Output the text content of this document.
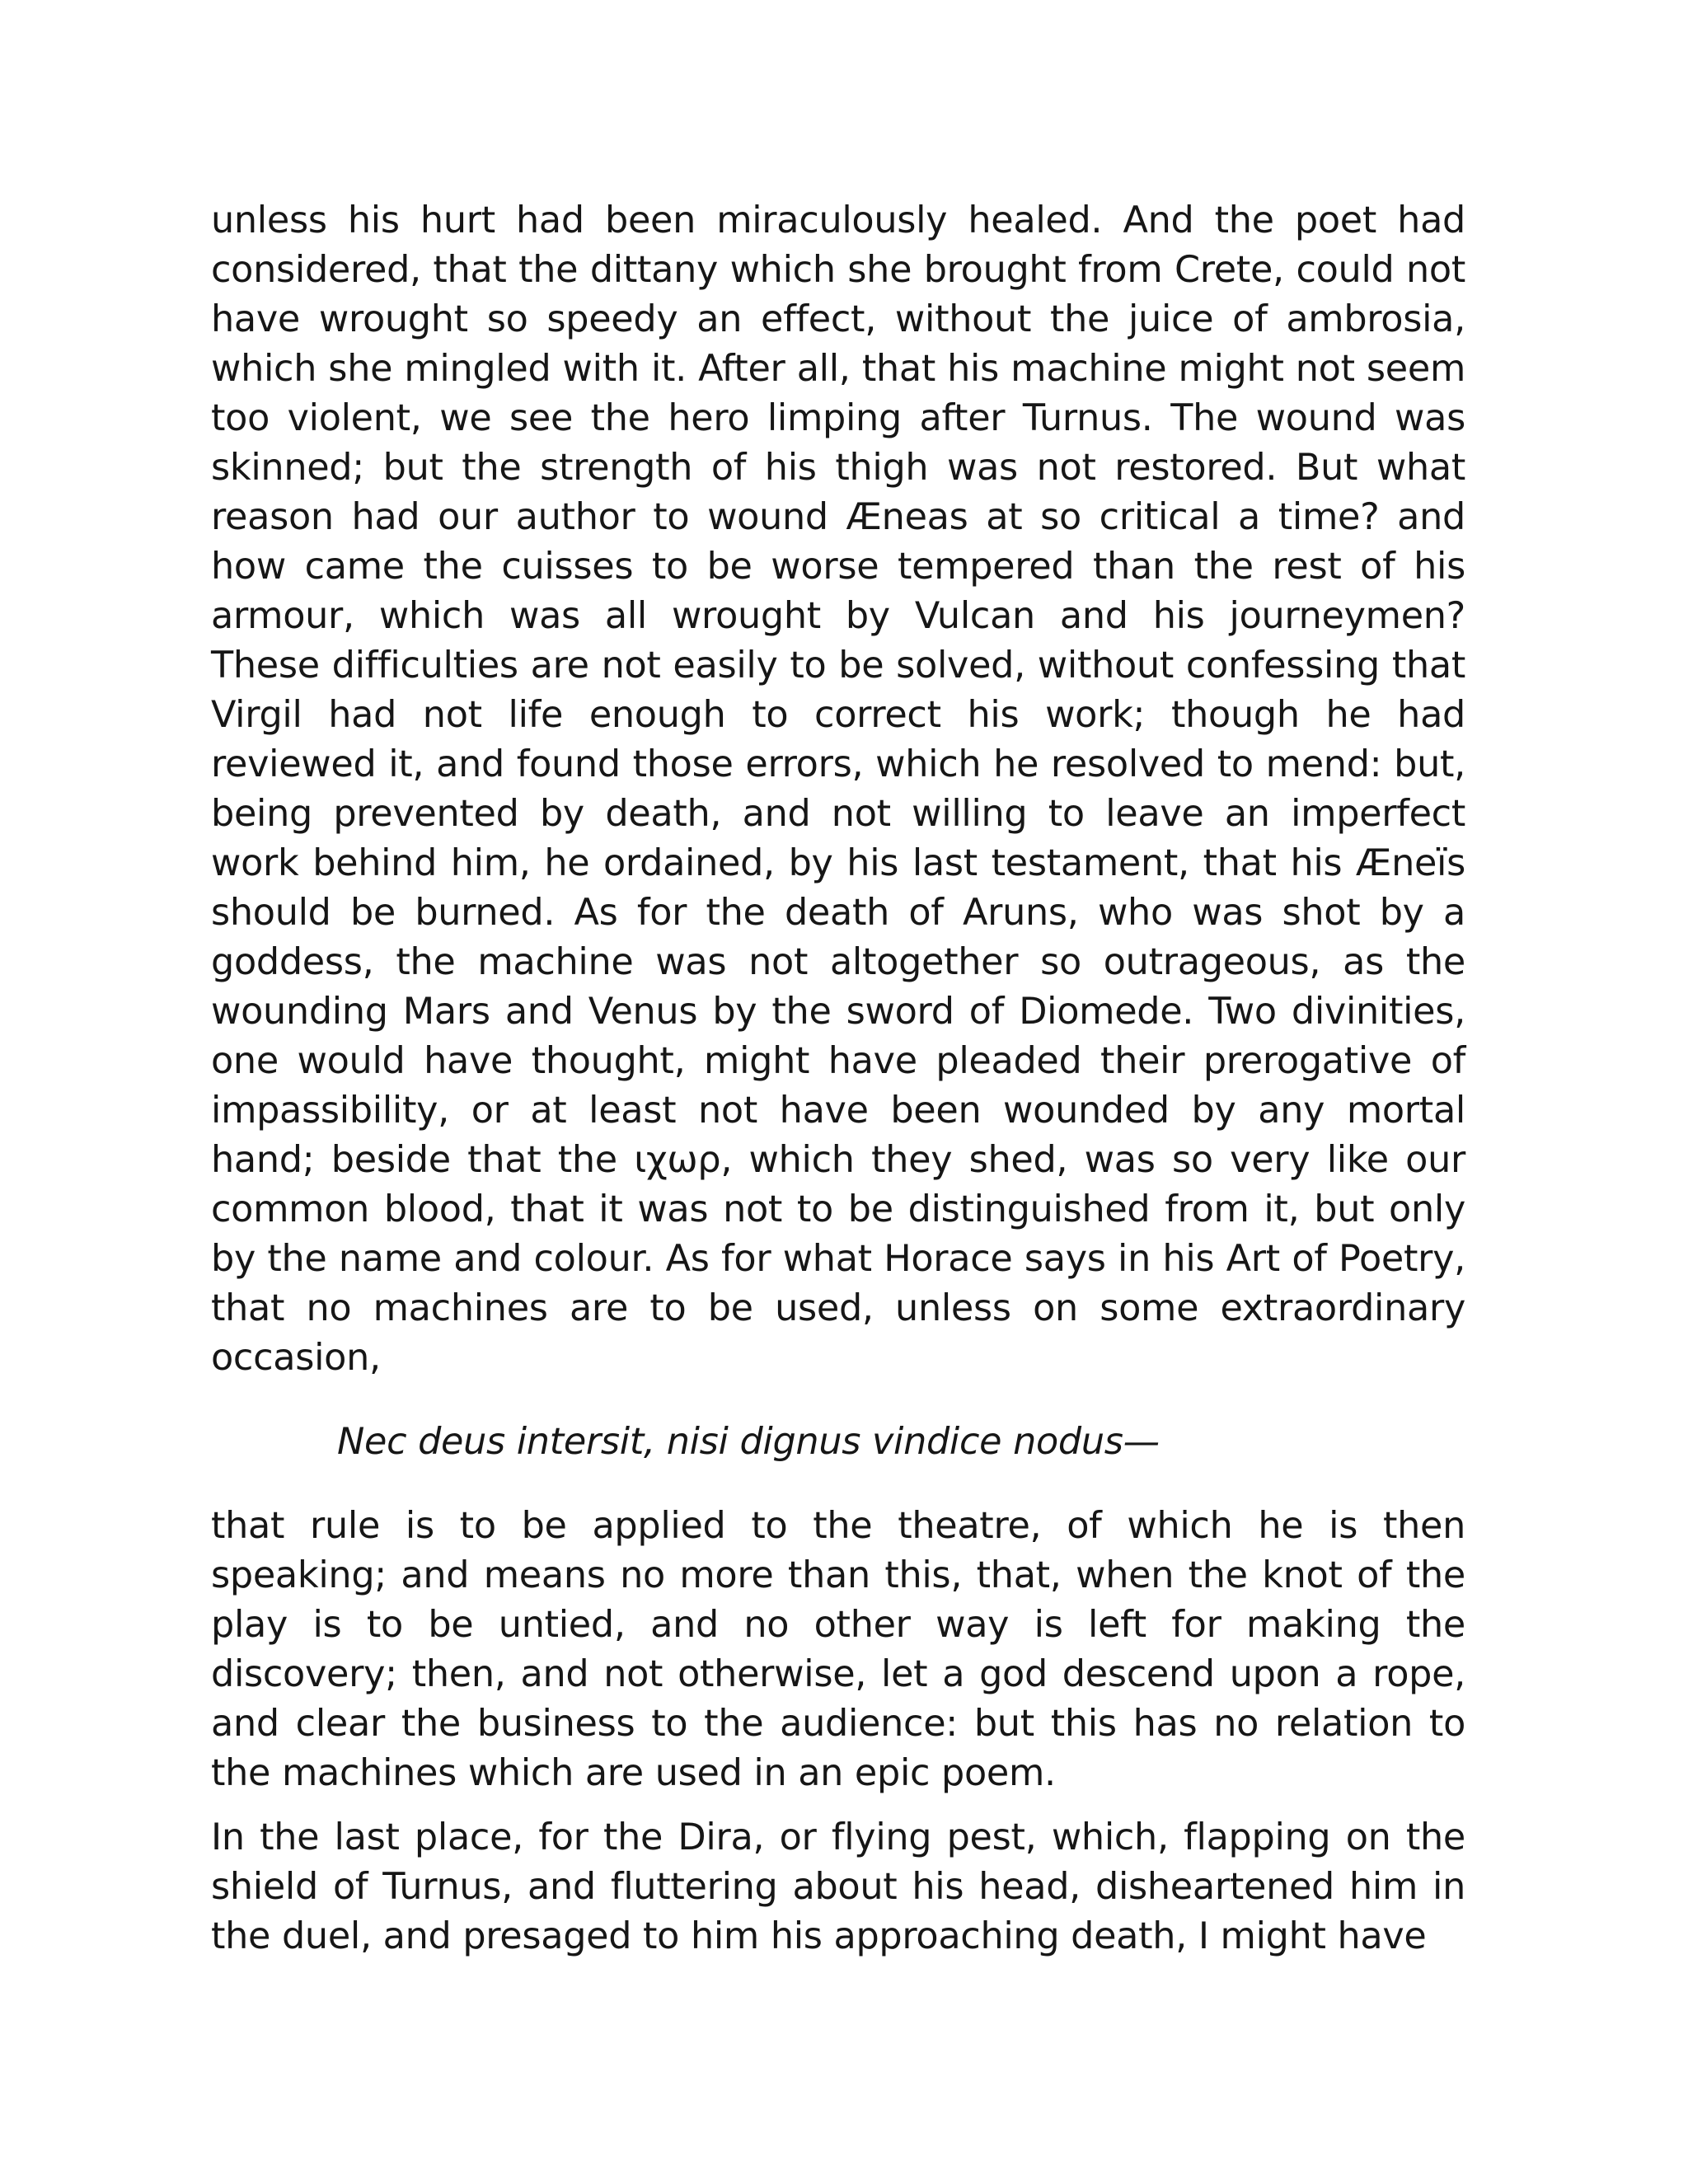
unless his hurt had been miraculously healed. And the poet had considered, that the dittany which she brought from Crete, could not have wrought so speedy an effect, without the juice of ambrosia, which she mingled with it. After all, that his machine might not seem too violent, we see the hero limping after Turnus. The wound was skinned; but the strength of his thigh was not restored. But what reason had our author to wound Æneas at so critical a time? and how came the cuisses to be worse tempered than the rest of his armour, which was all wrought by Vulcan and his journeymen? These difficulties are not easily to be solved, without confessing that Virgil had not life enough to correct his work; though he had reviewed it, and found those errors, which he resolved to mend: but, being prevented by death, and not willing to leave an imperfect work behind him, he ordained, by his last testament, that his Æneïs should be burned. As for the death of Aruns, who was shot by a goddess, the machine was not altogether so outrageous, as the wounding Mars and Venus by the sword of Diomede. Two divinities, one would have thought, might have pleaded their prerogative of impassibility, or at least not have been wounded by any mortal hand; beside that the ιχωρ, which they shed, was so very like our common blood, that it was not to be distinguished from it, but only by the name and colour. As for what Horace says in his Art of Poetry, that no machines are to be used, unless on some extraordinary occasion,

Nec deus intersit, nisi dignus vindice nodus—

that rule is to be applied to the theatre, of which he is then speaking; and means no more than this, that, when the knot of the play is to be untied, and no other way is left for making the discovery; then, and not otherwise, let a god descend upon a rope, and clear the business to the audience: but this has no relation to the machines which are used in an epic poem.

In the last place, for the Dira, or flying pest, which, flapping on the shield of Turnus, and fluttering about his head, disheartened him in the duel, and presaged to him his approaching death, I might have
